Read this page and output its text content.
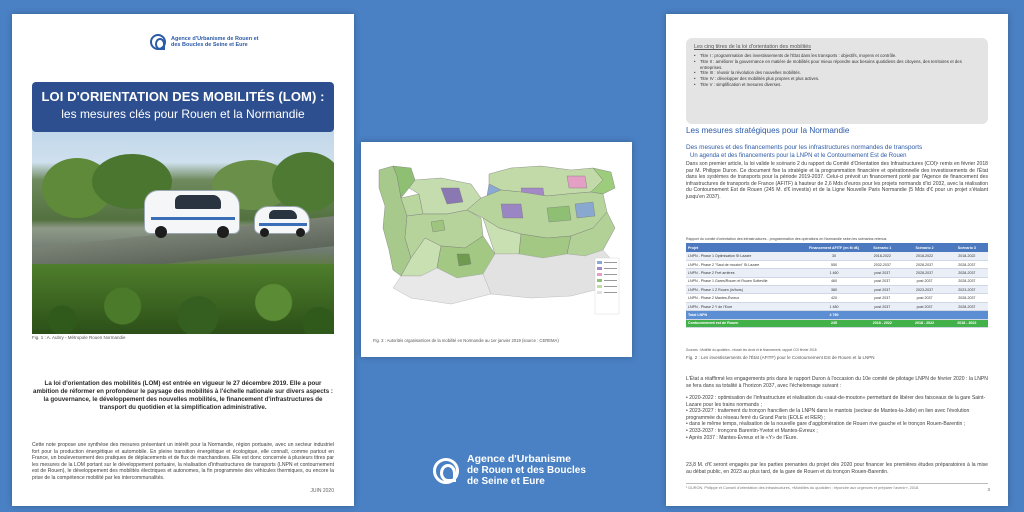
Agence d'Urbanisme de Rouen et des Boucles de Seine et Eure
LOI D'ORIENTATION DES MOBILITÉS (LOM) :
les mesures clés pour Rouen et la Normandie
Fig. 1 : A. Aubry - Métropole Rouen Normandie
La loi d'orientation des mobilités (LOM) est entrée en vigueur le 27 décembre 2019. Elle a pour ambition de réformer en profondeur le paysage des mobilités à l'échelle nationale sur divers aspects : la gouvernance, le développement des nouvelles mobilités, le financement d'infrastructures de transport du quotidien et la simplification administrative.
Cette note propose une synthèse des mesures présentant un intérêt pour la Normandie, région portuaire, avec un secteur industriel fort pour la production énergétique et automobile. En pleine transition énergétique et écologique, elle connaît, comme partout en France, un bouleversement des pratiques de déplacements et de flux de marchandises. Elle est donc concernée à plusieurs titres par les mesures de la LOM portant sur le développement portuaire, la réalisation d'infrastructures de transports (LNPN et contournement est de Rouen), le développement des mobilités électriques et autonomes, la fin programmée des véhicules thermiques, ou encore la prise de la compétence mobilité par les intercommunalités.
JUIN 2020
Fig. 3 : Autorités organisatrices de la mobilité en Normandie au 1er janvier 2019 (source : CEREMA)
Agence d'Urbanisme
de Rouen et des Boucles
de Seine et Eure
Les cinq titres de la loi d'orientation des mobilités
• Titre I : programmation des investissements de l'État dans les transports : objectifs, moyens et contrôle.
• Titre II : améliorer la gouvernance en matière de mobilités pour mieux répondre aux besoins quotidiens des citoyens, des territoires et des entreprises.
• Titre III : réussir la révolution des nouvelles mobilités.
• Titre IV : développer des mobilités plus propres et plus actives.
• Titre V : simplification et mesures diverses.
Les mesures stratégiques pour la Normandie
Des mesures et des financements pour les infrastructures normandes de transports
Un agenda et des financements pour la LNPN et le Contournement Est de Rouen
Dans son premier article, la loi valide le scénario 2 du rapport du Comité d'Orientation des Infrastructures (COI)¹ remis en février 2018 par M. Philippe Duron. Ce document fixe la stratégie et la programmation financière et opérationnelle des investissements de l'État dans les systèmes de transports pour la période 2019-2037. Celui-ci prévoit un financement porté par l'Agence de financement des infrastructures de transports de France (AFITF) à hauteur de 2,6 Mds d'euros pour les projets normands d'ici 2032, avec la réalisation du Contournement Est de Rouen (245 M. d'€ investis) et de la Ligne Nouvelle Paris Normandie (5 Mds d'€ pour un projet s'étalant jusqu'en 2037).
Rapport du comité d'orientation des infrastructures - programmation des opérations en Normandie selon les scénarios retenus
Projet	Financement AFITF (en M d€)	Scénario 1	Scénario 2	Scénario 3
LNPN - Phase 1 Optimisation St Lazare	30	2018-2022	2018-2022	2018-2022
LNPN - Phase 2 "Saut de mouton" St Lazare	550	2032-2037	2028-2037	2028-2037
LNPN - Phase 2 Fret arrières	1 460	post 2037	2028-2037	2028-2037
LNPN - Phase 1 Gares/Rouen et Rouen Sotteville	460	post 2037	post 2037	2028-2037
LNPN - Phase 1 Z Rouen (in/hors)	380	post 2037	2023-2037	2023-2037
LNPN - Phase 2 Mantes-Évreux	420	post 2037	post 2037	2028-2037
LNPN - Phase 2 Y de l'Eure	1 480	post 2037	post 2037	2028-2037
Total LNPN	4 780			
Contournement est de Rouen	245	2018 - 2022	2018 - 2022	2018 - 2022
Sources : Mobilité du quotidien - réussir les choix et le financement, rapport COI février 2018
Fig. 2 : Les investissements de l'État (AFITF) pour le Contournement Est de Rouen et la LNPN
L'État a réaffirmé les engagements pris dans le rapport Duron à l'occasion du 10e comité de pilotage LNPN de février 2020 : la LNPN se fera dans sa totalité à l'horizon 2037, avec l'échelonnage suivant :
• 2020-2022 : optimisation de l'infrastructure et réalisation du «saut-de-mouton» permettant de libérer des faisceaux de la gare Saint-Lazare pour les trains normands ;
• 2023-2027 : traitement du tronçon francilien de la LNPN dans le mantois (secteur de Mantes-la-Jolie) en lien avec l'évolution programmée du réseau ferré du Grand Paris (EOLE et RER) ;
• dans le même temps, réalisation de la nouvelle gare d'agglomération de Rouen rive gauche et le tronçon Rouen-Barentin ;
• 2033-2037 : tronçons Barentin-Yvetot et Mantes-Évreux ;
• Après 2037 : Mantes-Évreux et le «Y» de l'Eure.
23,8 M. d'€ seront engagés par les parties prenantes du projet dès 2020 pour financer les premières études préparatoires à la mise au débat public, en 2023 au plus tard, de la gare de Rouen et du tronçon Rouen-Barentin.
¹ DURON, Philippe et Conseil d'orientation des infrastructures, «Mobilités du quotidien : répondre aux urgences et préparer l'avenir», 2018.	3
